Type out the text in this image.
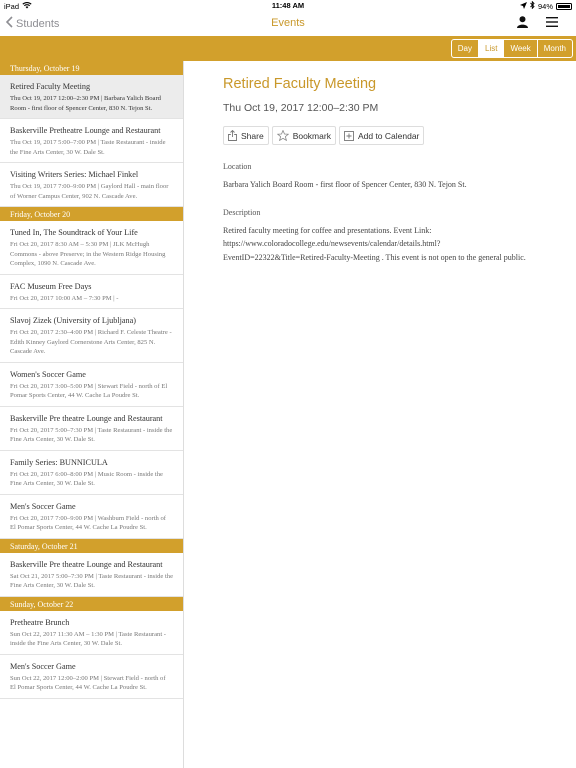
iPad	11:48 AM	94%
Students	Events
Day	List	Week	Month
Thursday, October 19
Retired Faculty Meeting
Thu Oct 19, 2017 12:00–2:30 PM | Barbara Yalich Board Room - first floor of Spencer Center, 830 N. Tejon St.
Baskerville Pretheatre Lounge and Restaurant
Thu Oct 19, 2017 5:00–7:00 PM | Taste Restaurant - inside the Fine Arts Center, 30 W. Dale St.
Visiting Writers Series: Michael Finkel
Thu Oct 19, 2017 7:00–9:00 PM | Gaylord Hall - main floor of Worner Campus Center, 902 N. Cascade Ave.
Friday, October 20
Tuned In, The Soundtrack of Your Life
Fri Oct 20, 2017 8:30 AM – 5:30 PM | JLK McHugh Commons - above Preserve; in the Western Ridge Housing Complex, 1090 N. Cascade Ave.
FAC Museum Free Days
Fri Oct 20, 2017 10:00 AM – 7:30 PM | -
Slavoj Zizek (University of Ljubljana)
Fri Oct 20, 2017 2:30–4:00 PM | Richard F. Celeste Theatre - Edith Kinney Gaylord Cornerstone Arts Center, 825 N. Cascade Ave.
Women's Soccer Game
Fri Oct 20, 2017 3:00–5:00 PM | Stewart Field - north of El Pomar Sports Center, 44 W. Cache La Poudre St.
Baskerville Pre theatre Lounge and Restaurant
Fri Oct 20, 2017 5:00–7:30 PM | Taste Restaurant - inside the Fine Arts Center, 30 W. Dale St.
Family Series: BUNNICULA
Fri Oct 20, 2017 6:00–8:00 PM | Music Room - inside the Fine Arts Center, 30 W. Dale St.
Men's Soccer Game
Fri Oct 20, 2017 7:00–9:00 PM | Washburn Field - north of El Pomar Sports Center, 44 W. Cache La Poudre St.
Saturday, October 21
Baskerville Pre theatre Lounge and Restaurant
Sat Oct 21, 2017 5:00–7:30 PM | Taste Restaurant - inside the Fine Arts Center, 30 W. Dale St.
Sunday, October 22
Pretheatre Brunch
Sun Oct 22, 2017 11:30 AM – 1:30 PM | Taste Restaurant - inside the Fine Arts Center, 30 W. Dale St.
Men's Soccer Game
Sun Oct 22, 2017 12:00–2:00 PM | Stewart Field - north of El Pomar Sports Center, 44 W. Cache La Poudre St.
Retired Faculty Meeting
Thu Oct 19, 2017 12:00–2:30 PM
Share	Bookmark	Add to Calendar
Location
Barbara Yalich Board Room - first floor of Spencer Center, 830 N. Tejon St.
Description
Retired faculty meeting for coffee and presentations. Event Link: https://www.coloradocollege.edu/newsevents/calendar/details.html?EventID=22322&Title=Retired-Faculty-Meeting . This event is not open to the general public.
